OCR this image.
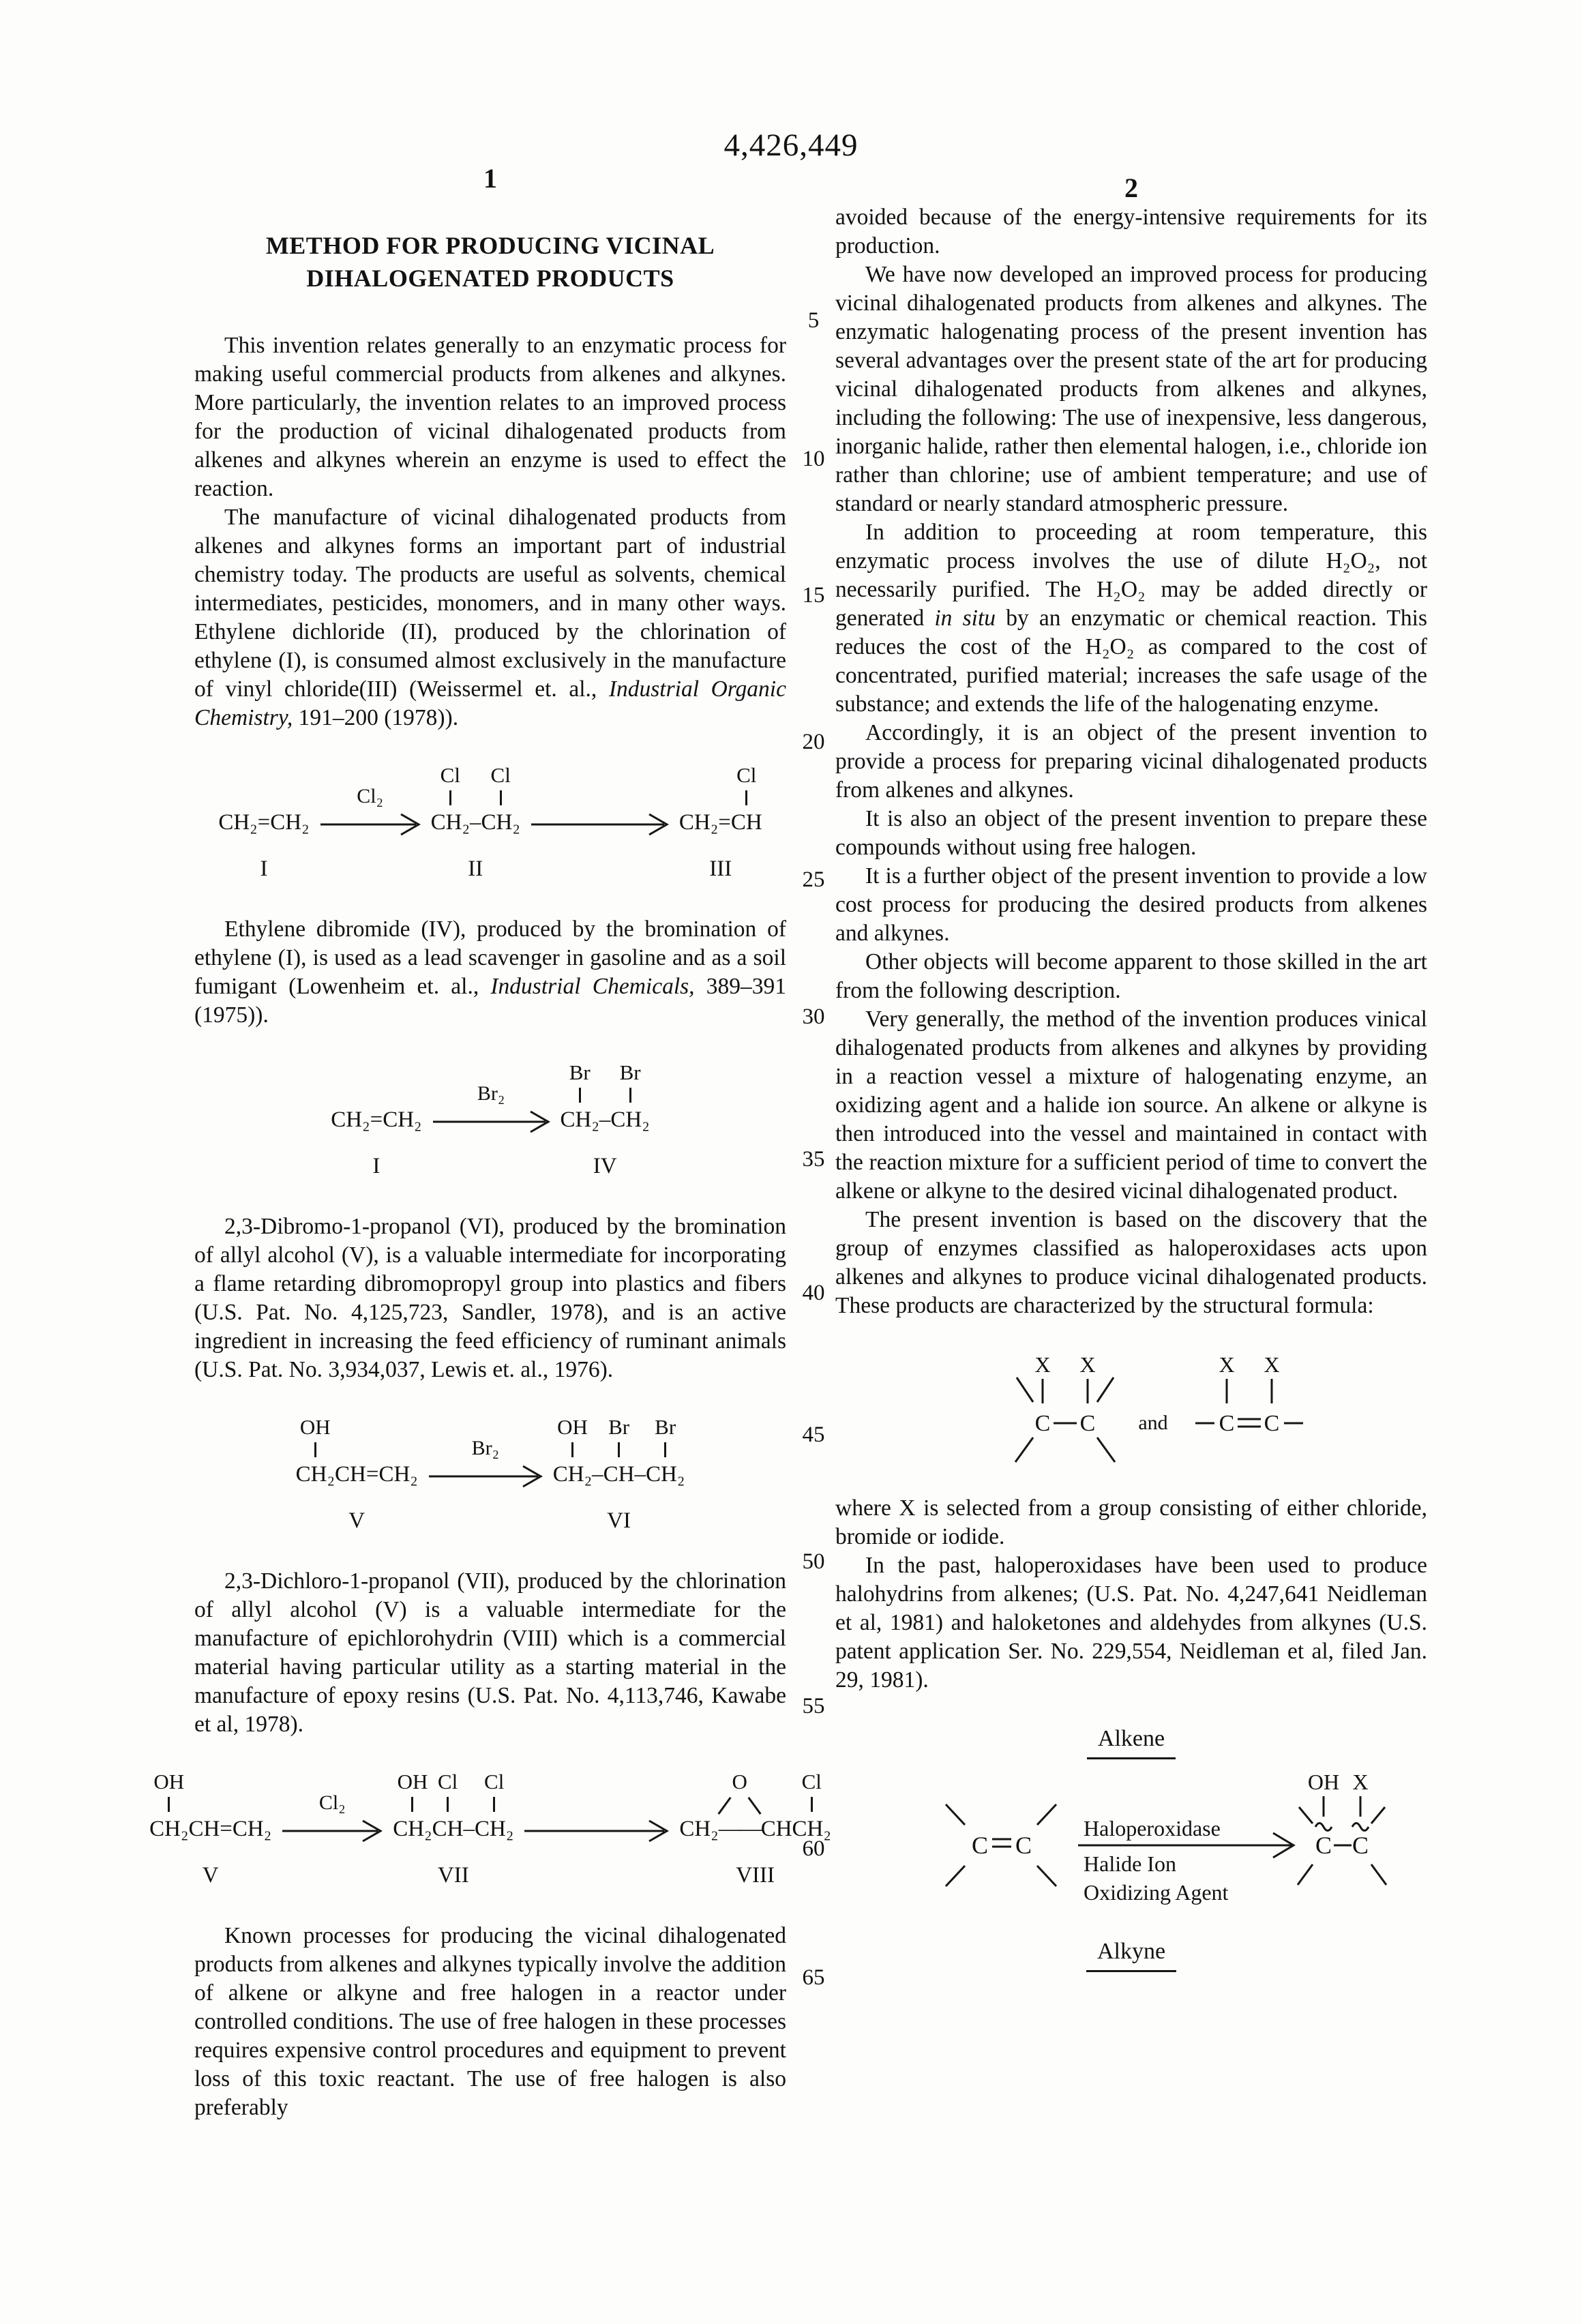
4,426,449
1	2
5
10
15
20
25
30
35
40
45
50
55
60
65
METHOD FOR PRODUCING VICINAL
DIHALOGENATED PRODUCTS

This invention relates generally to an enzymatic process for making useful commercial products from alkenes and alkynes. More particularly, the invention relates to an improved process for the production of vicinal dihalogenated products from alkenes and alkynes wherein an enzyme is used to effect the reaction.

The manufacture of vicinal dihalogenated products from alkenes and alkynes forms an important part of industrial chemistry today. The products are useful as solvents, chemical intermediates, pesticides, monomers, and in many other ways. Ethylene dichloride (II), produced by the chlorination of ethylene (I), is consumed almost exclusively in the manufacture of vinyl chloride(III) (Weissermel et. al., Industrial Organic Chemistry, 191–200 (1978)).

CH₂=CH₂
I

Cl₂

Cl
CH₂
–
Cl
CH₂
II

CH₂=
Cl
CH
III

Ethylene dibromide (IV), produced by the bromination of ethylene (I), is used as a lead scavenger in gasoline and as a soil fumigant (Lowenheim et. al., Industrial Chemicals, 389–391 (1975)).

CH₂=CH₂
I

Br₂

Br
CH₂
–
Br
CH₂
IV

2,3-Dibromo-1-propanol (VI), produced by the bromination of allyl alcohol (V), is a valuable intermediate for incorporating a flame retarding dibromopropyl group into plastics and fibers (U.S. Pat. No. 4,125,723, Sandler, 1978), and is an active ingredient in increasing the feed efficiency of ruminant animals (U.S. Pat. No. 3,934,037, Lewis et. al., 1976).

OH
CH₂
CH=CH₂
V

Br₂

OH
CH₂
–
Br
CH
–
Br
CH₂
VI

2,3-Dichloro-1-propanol (VII), produced by the chlorination of allyl alcohol (V) is a valuable intermediate for the manufacture of epichlorohydrin (VIII) which is a commercial material having particular utility as a starting material in the manufacture of epoxy resins (U.S. Pat. No. 4,113,746, Kawabe et al, 1978).

OH
CH₂
CH=CH₂
V

Cl₂

OH
CH₂
Cl
CH
–
Cl
CH₂
VII

CH₂
O
——
CH
Cl
CH₂
VIII

Known processes for producing the vicinal dihalogenated products from alkenes and alkynes typically involve the addition of alkene or alkyne and free halogen in a reactor under controlled conditions. The use of free halogen in these processes requires expensive control procedures and equipment to prevent loss of this toxic reactant. The use of free halogen is also preferably

avoided because of the energy-intensive requirements for its production.

We have now developed an improved process for producing vicinal dihalogenated products from alkenes and alkynes. The enzymatic halogenating process of the present invention has several advantages over the present state of the art for producing vicinal dihalogenated products from alkenes and alkynes, including the following: The use of inexpensive, less dangerous, inorganic halide, rather then elemental halogen, i.e., chloride ion rather than chlorine; use of ambient temperature; and use of standard or nearly standard atmospheric pressure.

In addition to proceeding at room temperature, this enzymatic process involves the use of dilute H₂O₂, not necessarily purified. The H₂O₂ may be added directly or generated in situ by an enzymatic or chemical reaction. This reduces the cost of the H₂O₂ as compared to the cost of concentrated, purified material; increases the safe usage of the substance; and extends the life of the halogenating enzyme.

Accordingly, it is an object of the present invention to provide a process for preparing vicinal dihalogenated products from alkenes and alkynes.

It is also an object of the present invention to prepare these compounds without using free halogen.

It is a further object of the present invention to provide a low cost process for producing the desired products from alkenes and alkynes.

Other objects will become apparent to those skilled in the art from the following description.

Very generally, the method of the invention produces vinical dihalogenated products from alkenes and alkynes by providing in a reaction vessel a mixture of halogenating enzyme, an oxidizing agent and a halide ion source. An alkene or alkyne is then introduced into the vessel and maintained in contact with the reaction mixture for a sufficient period of time to convert the alkene or alkyne to the desired vicinal dihalogenated product.

The present invention is based on the discovery that the group of enzymes classified as haloperoxidases acts upon alkenes and alkynes to produce vicinal dihalogenated products. These products are characterized by the structural formula:

X X
C C and
X X
C C

where X is selected from a group consisting of either chloride, bromide or iodide.

In the past, haloperoxidases have been used to produce halohydrins from alkenes; (U.S. Pat. No. 4,247,641 Neidleman et al, 1981) and haloketones and aldehydes from alkynes (U.S. patent application Ser. No. 229,554, Neidleman et al, filed Jan. 29, 1981).

Alkene
C C
Haloperoxidase
Halide Ion
Oxidizing Agent
OH X
C C
Alkyne
